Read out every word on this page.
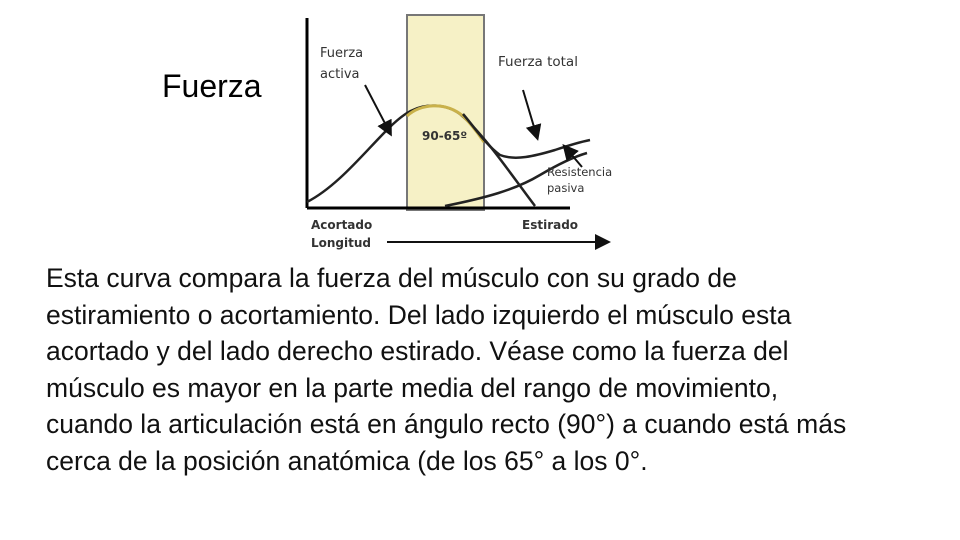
Fuerza
Fuerza
activa
Fuerza total
90-65º
Resistencia
pasiva
Acortado
Longitud
Estirado
Esta curva compara la fuerza del músculo con su grado de
estiramiento o acortamiento. Del lado izquierdo el músculo esta
acortado y del lado derecho estirado. Véase como la fuerza del
músculo es mayor en la parte media del rango de movimiento,
cuando la articulación está en ángulo recto (90°) a cuando está más
cerca de la posición anatómica (de los 65° a los 0°.
